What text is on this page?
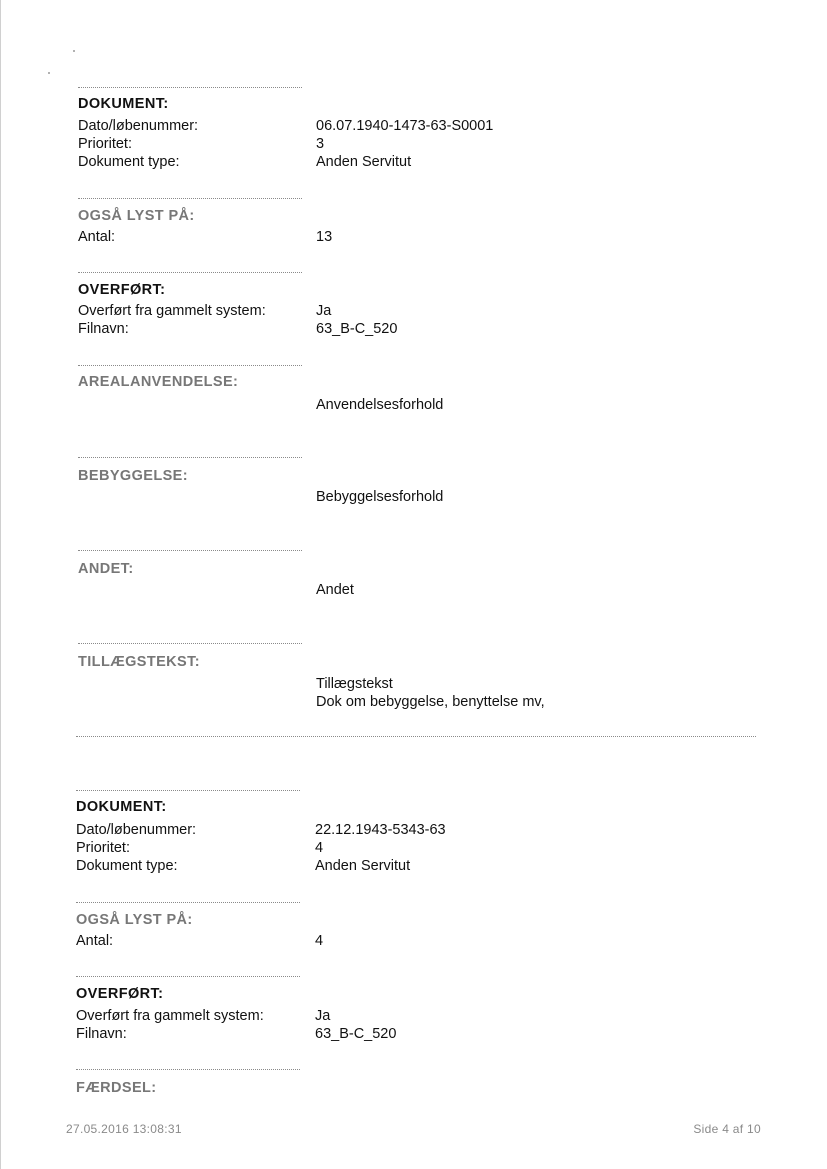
DOKUMENT:
Dato/løbenummer:	06.07.1940-1473-63-S0001
Prioritet:	3
Dokument type:	Anden Servitut
OGSÅ LYST PÅ:
Antal:	13
OVERFØRT:
Overført fra gammelt system:	Ja
Filnavn:	63_B-C_520
AREALANVENDELSE:
Anvendelsesforhold
BEBYGGELSE:
Bebyggelsesforhold
ANDET:
Andet
TILLÆGSTEKST:
Tillægstekst
Dok om bebyggelse, benyttelse mv,
DOKUMENT:
Dato/løbenummer:	22.12.1943-5343-63
Prioritet:	4
Dokument type:	Anden Servitut
OGSÅ LYST PÅ:
Antal:	4
OVERFØRT:
Overført fra gammelt system:	Ja
Filnavn:	63_B-C_520
FÆRDSEL:
27.05.2016 13:08:31	Side 4 af 10
